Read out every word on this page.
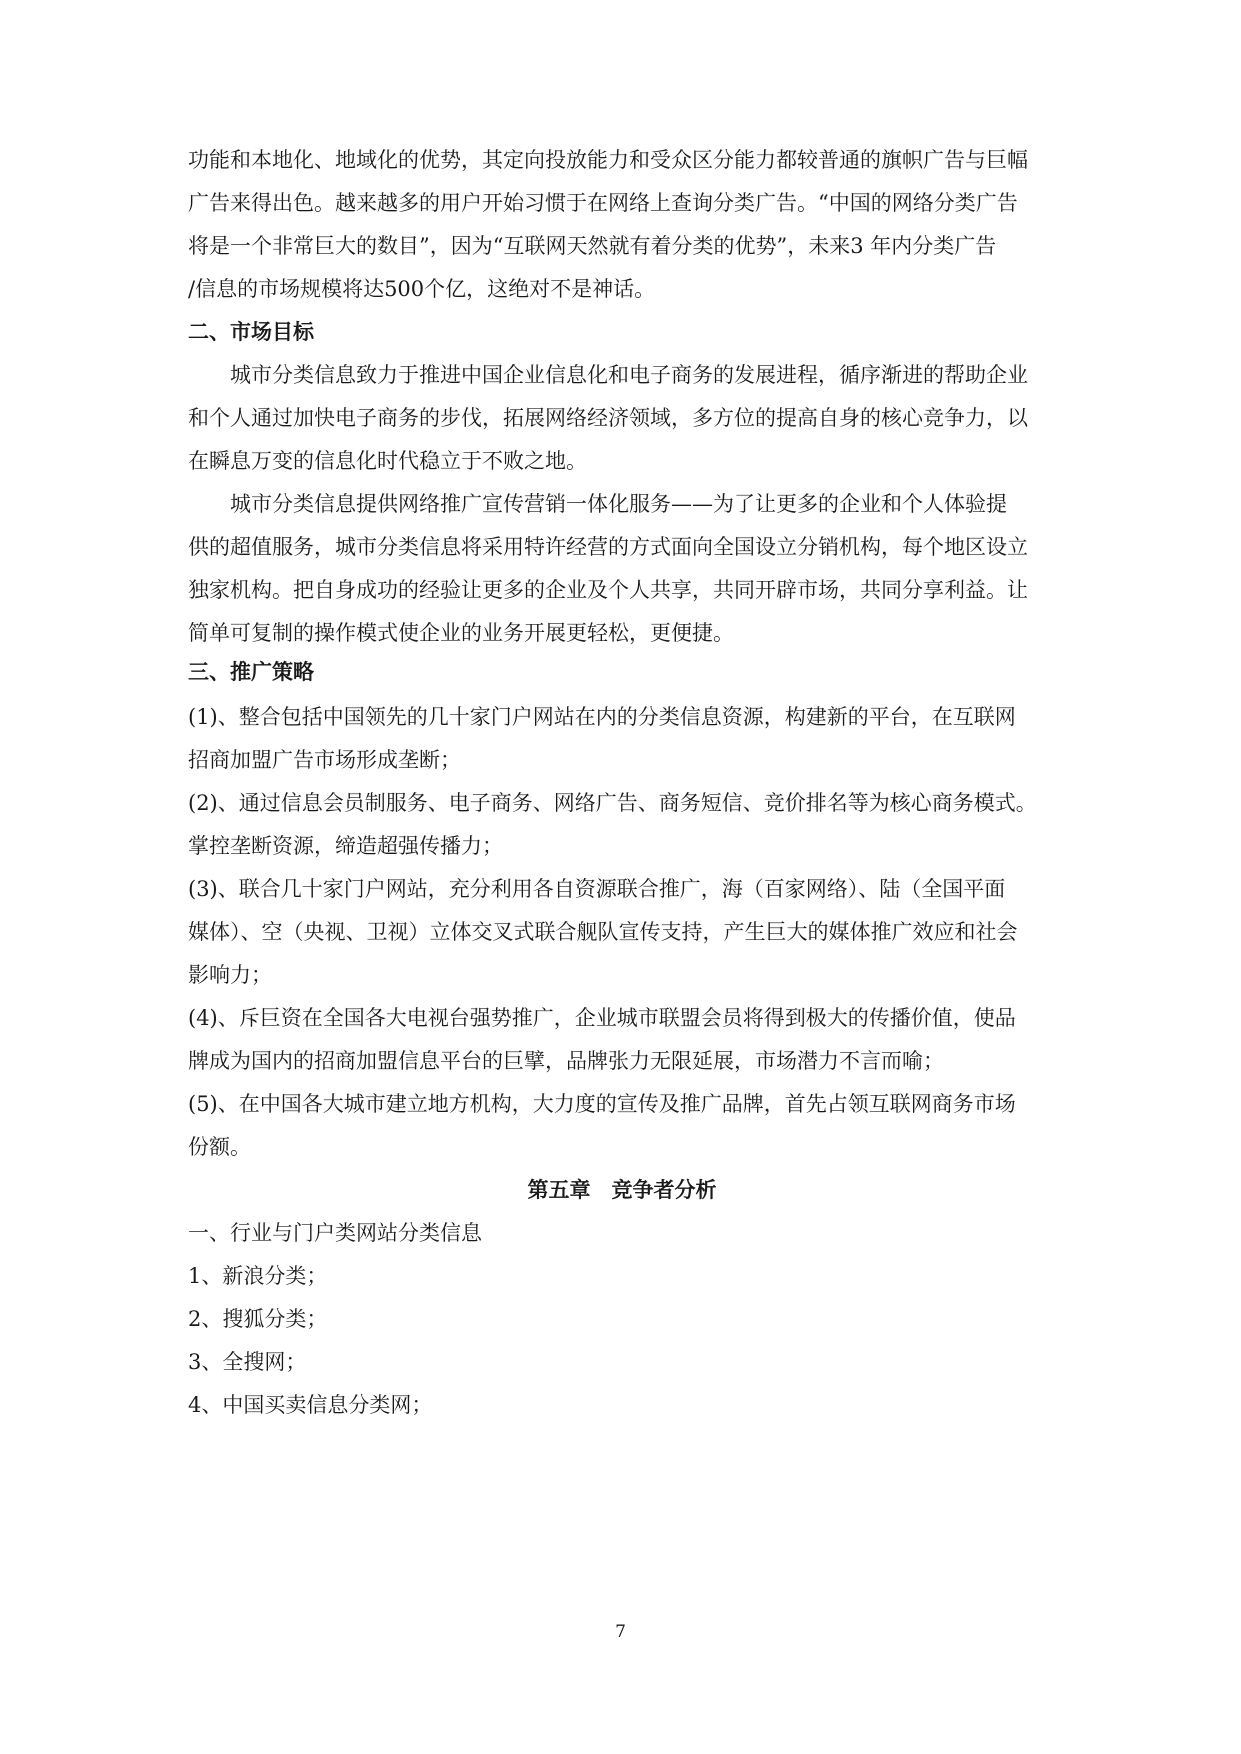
功能和本地化、地域化的优势，其定向投放能力和受众区分能力都较普通的旗帜广告与巨幅
广告来得出色。越来越多的用户开始习惯于在网络上查询分类广告。“中国的网络分类广告
将是一个非常巨大的数目”，因为“互联网天然就有着分类的优势”，未来3 年内分类广告
/信息的市场规模将达500个亿，这绝对不是神话。
二、市场目标
城市分类信息致力于推进中国企业信息化和电子商务的发展进程，循序渐进的帮助企业
和个人通过加快电子商务的步伐，拓展网络经济领域，多方位的提高自身的核心竞争力，以
在瞬息万变的信息化时代稳立于不败之地。
城市分类信息提供网络推广宣传营销一体化服务——为了让更多的企业和个人体验提
供的超值服务，城市分类信息将采用特许经营的方式面向全国设立分销机构，每个地区设立
独家机构。把自身成功的经验让更多的企业及个人共享，共同开辟市场，共同分享利益。让
简单可复制的操作模式使企业的业务开展更轻松，更便捷。
三、推广策略
(1)、整合包括中国领先的几十家门户网站在内的分类信息资源，构建新的平台，在互联网
招商加盟广告市场形成垄断；
(2)、通过信息会员制服务、电子商务、网络广告、商务短信、竞价排名等为核心商务模式。
掌控垄断资源，缔造超强传播力；
(3)、联合几十家门户网站，充分利用各自资源联合推广，海（百家网络）、陆（全国平面
媒体）、空（央视、卫视）立体交叉式联合舰队宣传支持，产生巨大的媒体推广效应和社会
影响力；
(4)、斥巨资在全国各大电视台强势推广，企业城市联盟会员将得到极大的传播价值，使品
牌成为国内的招商加盟信息平台的巨擘，品牌张力无限延展，市场潜力不言而喻；
(5)、在中国各大城市建立地方机构，大力度的宣传及推广品牌，首先占领互联网商务市场
份额。
第五章　竞争者分析
一、行业与门户类网站分类信息
1、新浪分类；
2、搜狐分类；
3、全搜网；
4、中国买卖信息分类网；
7
